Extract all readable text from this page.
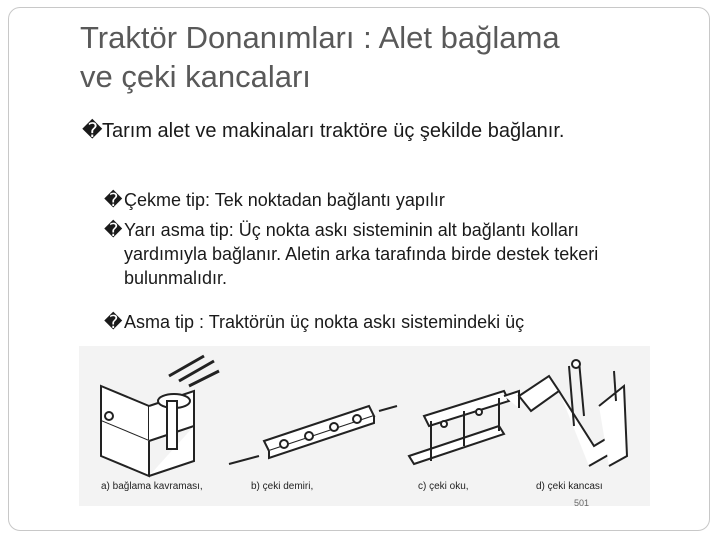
Traktör Donanımları : Alet bağlama
ve çeki kancaları
� Tarım alet ve makinaları traktöre üç şekilde bağlanır.
� Çekme tip: Tek noktadan bağlantı yapılır
� Yarı asma tip: Üç nokta askı sisteminin alt bağlantı kolları yardımıyla bağlanır. Aletin arka tarafında birde destek tekeri bulunmalıdır.
� Asma tip : Traktörün üç nokta askı sistemindeki üç
a) bağlama kavraması,	b) çeki demiri,	c) çeki oku,	d) çeki kancası
501
